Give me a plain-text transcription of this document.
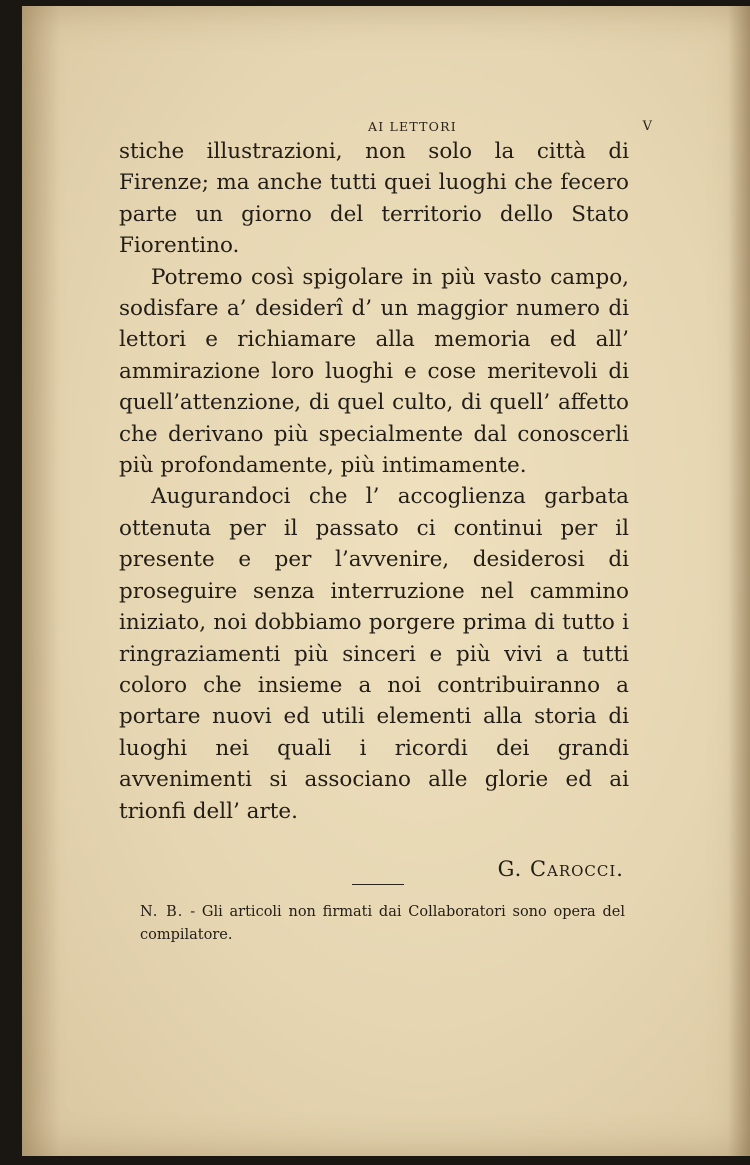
AI LETTORI	V

stiche illustrazioni, non solo la città di Firenze; ma anche tutti quei luoghi che fecero parte un giorno del territorio dello Stato Fiorentino.

Potremo così spigolare in più vasto campo, sodisfare a’ desiderî d’ un maggior numero di lettori e richiamare alla memoria ed all’ ammirazione loro luoghi e cose meritevoli di quell’attenzione, di quel culto, di quell’ affetto che derivano più specialmente dal conoscerli più profondamente, più intimamente.

Augurandoci che l’ accoglienza garbata ottenuta per il passato ci continui per il presente e per l’avvenire, desiderosi di proseguire senza interruzione nel cammino iniziato, noi dobbiamo porgere prima di tutto i ringraziamenti più sinceri e più vivi a tutti coloro che insieme a noi contribuiranno a portare nuovi ed utili elementi alla storia di luoghi nei quali i ricordi dei grandi avvenimenti si associano alle glorie ed ai trionfi dell’ arte.

G. Carocci.
N. B. - Gli articoli non firmati dai Collaboratori sono opera del compilatore.
